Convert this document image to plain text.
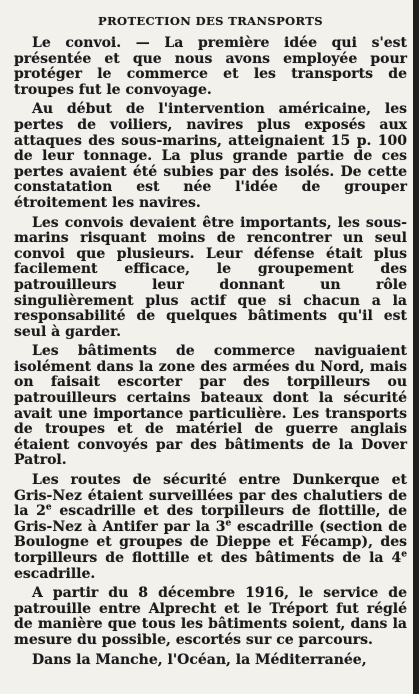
PROTECTION DES TRANSPORTS

Le convoi. — La première idée qui s'est présentée et que nous avons employée pour protéger le commerce et les transports de troupes fut le convoyage.

Au début de l'intervention américaine, les pertes de voiliers, navires plus exposés aux attaques des sous-marins, atteignaient 15 p. 100 de leur tonnage. La plus grande partie de ces pertes avaient été subies par des isolés. De cette constatation est née l'idée de grouper étroitement les navires.

Les convois devaient être importants, les sous-marins risquant moins de rencontrer un seul convoi que plusieurs. Leur défense était plus facilement efficace, le groupement des patrouilleurs leur donnant un rôle singulièrement plus actif que si chacun a la responsabilité de quelques bâtiments qu'il est seul à garder.

Les bâtiments de commerce naviguaient isolément dans la zone des armées du Nord, mais on faisait escorter par des torpilleurs ou patrouilleurs certains bateaux dont la sécurité avait une importance particulière. Les transports de troupes et de matériel de guerre anglais étaient convoyés par des bâtiments de la Dover Patrol.

Les routes de sécurité entre Dunkerque et Gris-Nez étaient surveillées par des chalutiers de la 2e escadrille et des torpilleurs de flottille, de Gris-Nez à Antifer par la 3e escadrille (section de Boulogne et groupes de Dieppe et Fécamp), des torpilleurs de flottille et des bâtiments de la 4e escadrille.

A partir du 8 décembre 1916, le service de patrouille entre Alprecht et le Tréport fut réglé de manière que tous les bâtiments soient, dans la mesure du possible, escortés sur ce parcours.

Dans la Manche, l'Océan, la Méditerranée,
